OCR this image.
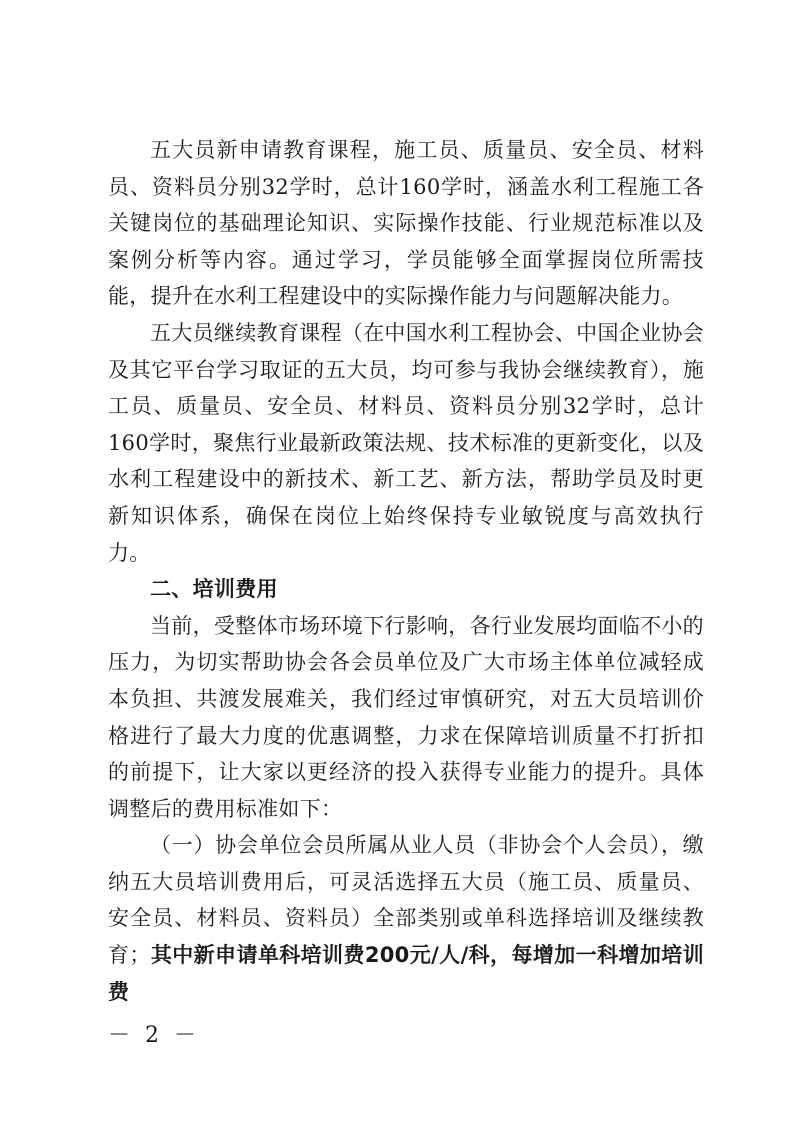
五大员新申请教育课程，施工员、质量员、安全员、材料员、资料员分别32学时，总计160学时，涵盖水利工程施工各关键岗位的基础理论知识、实际操作技能、行业规范标准以及案例分析等内容。通过学习，学员能够全面掌握岗位所需技能，提升在水利工程建设中的实际操作能力与问题解决能力。

五大员继续教育课程（在中国水利工程协会、中国企业协会及其它平台学习取证的五大员，均可参与我协会继续教育），施工员、质量员、安全员、材料员、资料员分别32学时，总计160学时，聚焦行业最新政策法规、技术标准的更新变化，以及水利工程建设中的新技术、新工艺、新方法，帮助学员及时更新知识体系，确保在岗位上始终保持专业敏锐度与高效执行力。

二、培训费用

当前，受整体市场环境下行影响，各行业发展均面临不小的压力，为切实帮助协会各会员单位及广大市场主体单位减轻成本负担、共渡发展难关，我们经过审慎研究，对五大员培训价格进行了最大力度的优惠调整，力求在保障培训质量不打折扣的前提下，让大家以更经济的投入获得专业能力的提升。具体调整后的费用标准如下：

（一）协会单位会员所属从业人员（非协会个人会员），缴纳五大员培训费用后，可灵活选择五大员（施工员、质量员、安全员、材料员、资料员）全部类别或单科选择培训及继续教育；其中新申请单科培训费200元/人/科，每增加一科增加培训费

－ 2 －
